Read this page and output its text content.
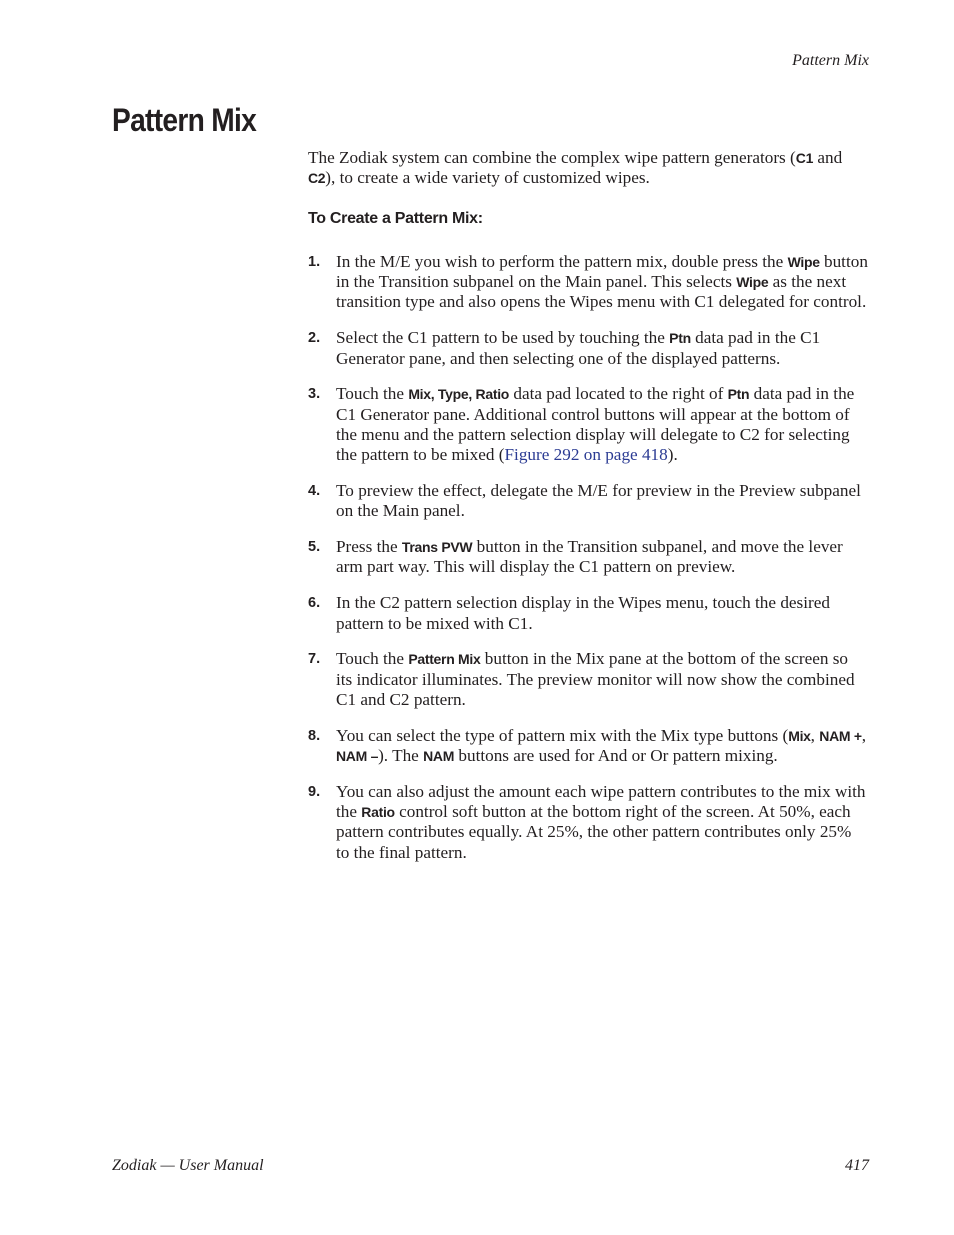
Pattern Mix
Pattern Mix

The Zodiak system can combine the complex wipe pattern generators (C1 and C2), to create a wide variety of customized wipes.

To Create a Pattern Mix:
1. In the M/E you wish to perform the pattern mix, double press the Wipe button in the Transition subpanel on the Main panel. This selects Wipe as the next transition type and also opens the Wipes menu with C1 delegated for control.
2. Select the C1 pattern to be used by touching the Ptn data pad in the C1 Generator pane, and then selecting one of the displayed patterns.
3. Touch the Mix, Type, Ratio data pad located to the right of Ptn data pad in the C1 Generator pane. Additional control buttons will appear at the bottom of the menu and the pattern selection display will delegate to C2 for selecting the pattern to be mixed (Figure 292 on page 418).
4. To preview the effect, delegate the M/E for preview in the Preview subpanel on the Main panel.
5. Press the Trans PVW button in the Transition subpanel, and move the lever arm part way. This will display the C1 pattern on preview.
6. In the C2 pattern selection display in the Wipes menu, touch the desired pattern to be mixed with C1.
7. Touch the Pattern Mix button in the Mix pane at the bottom of the screen so its indicator illuminates. The preview monitor will now show the combined C1 and C2 pattern.
8. You can select the type of pattern mix with the Mix type buttons (Mix, NAM +, NAM –). The NAM buttons are used for And or Or pattern mixing.
9. You can also adjust the amount each wipe pattern contributes to the mix with the Ratio control soft button at the bottom right of the screen. At 50%, each pattern contributes equally. At 25%, the other pattern contributes only 25% to the final pattern.
Zodiak — User Manual	417
